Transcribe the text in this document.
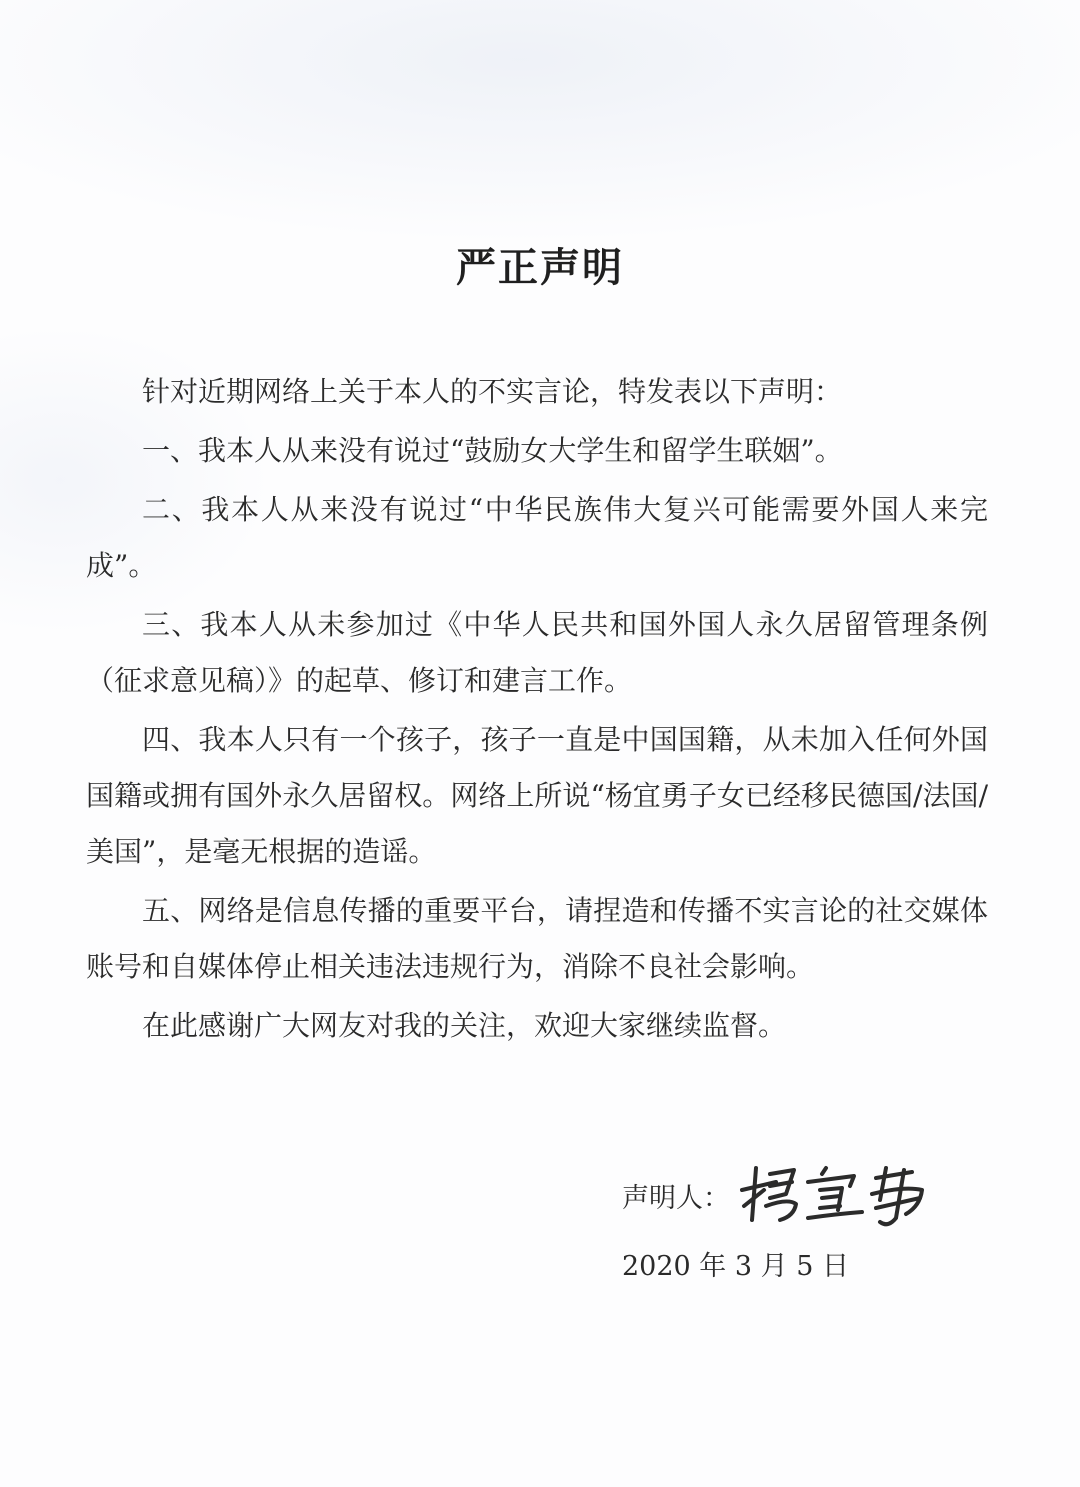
严正声明

针对近期网络上关于本人的不实言论，特发表以下声明：

一、我本人从来没有说过“鼓励女大学生和留学生联姻”。

二、我本人从来没有说过“中华民族伟大复兴可能需要外国人来完成”。

三、我本人从未参加过《中华人民共和国外国人永久居留管理条例（征求意见稿）》的起草、修订和建言工作。

四、我本人只有一个孩子，孩子一直是中国国籍，从未加入任何外国国籍或拥有国外永久居留权。网络上所说“杨宜勇子女已经移民德国/法国/美国”，是毫无根据的造谣。

五、网络是信息传播的重要平台，请捏造和传播不实言论的社交媒体账号和自媒体停止相关违法违规行为，消除不良社会影响。

在此感谢广大网友对我的关注，欢迎大家继续监督。

声明人：
2020 年 3 月 5 日
